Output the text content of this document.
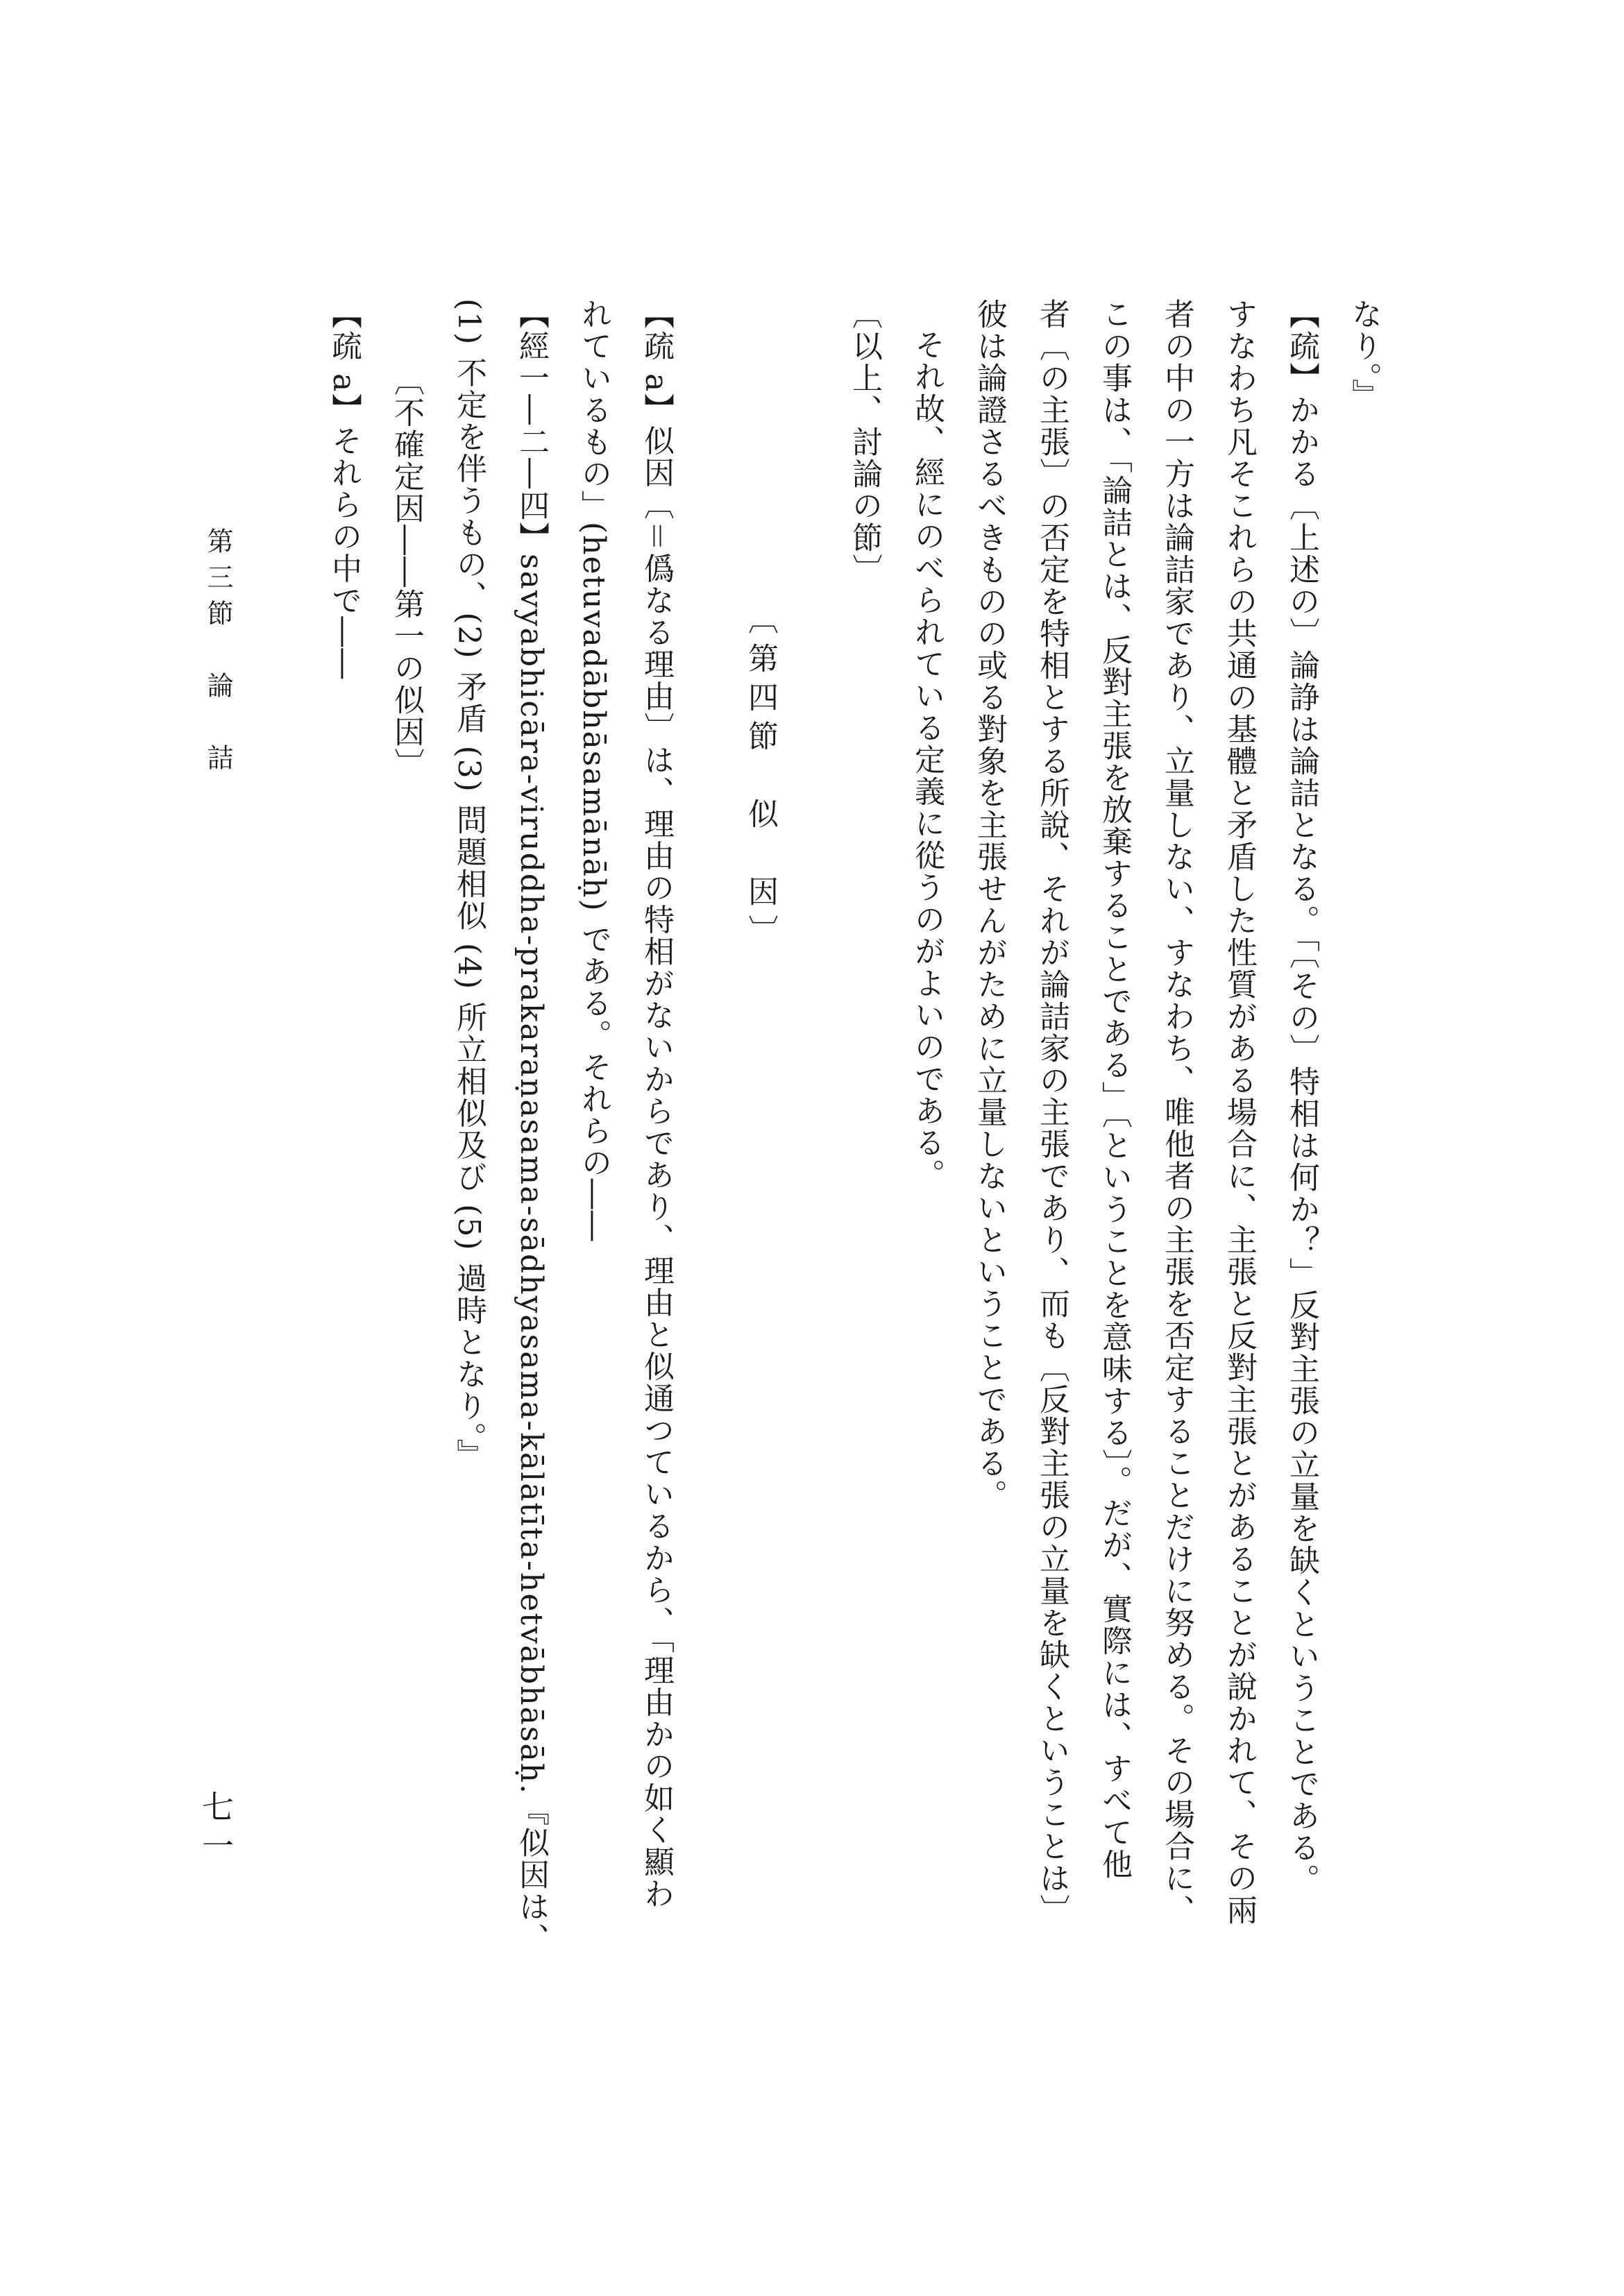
なり。』
【疏】かかる〔上述の〕論諍は論詰となる。「〔その〕特相は何か？」反對主張の立量を缺くということである。
すなわち凡そこれらの共通の基體と矛盾した性質がある場合に、主張と反對主張とがあることが說かれて、その兩
者の中の一方は論詰家であり、立量しない、すなわち、唯他者の主張を否定することだけに努める。その場合に、
この事は、「論詰とは、反對主張を放棄することである」〔ということを意味する〕。だが、實際には、すべて他
者〔の主張〕の否定を特相とする所說、それが論詰家の主張であり、而も〔反對主張の立量を缺くということは〕
彼は論證さるべきものの或る對象を主張せんがために立量しないということである。
それ故、經にのべられている定義に從うのがよいのである。
〔以上、討論の節〕
〔第四節　似　因〕
【疏 a】似因〔＝僞なる理由〕は、理由の特相がないからであり、理由と似通つているから、「理由かの如く顯わ
れているもの」(hetuvadābhāsamānāḥ) である。それらの――
【經一―二―四】savyabhicāra-viruddha-prakaraṇasama-sādhyasama-kālātīta-hetvābhāsāḥ.『似因は、
(1) 不定を伴うもの、(2) 矛盾 (3) 問題相似 (4) 所立相似及び (5) 過時となり。』
〔不確定因――第一の似因〕
【疏 a】それらの中で――
第三節　論　詰
七一
